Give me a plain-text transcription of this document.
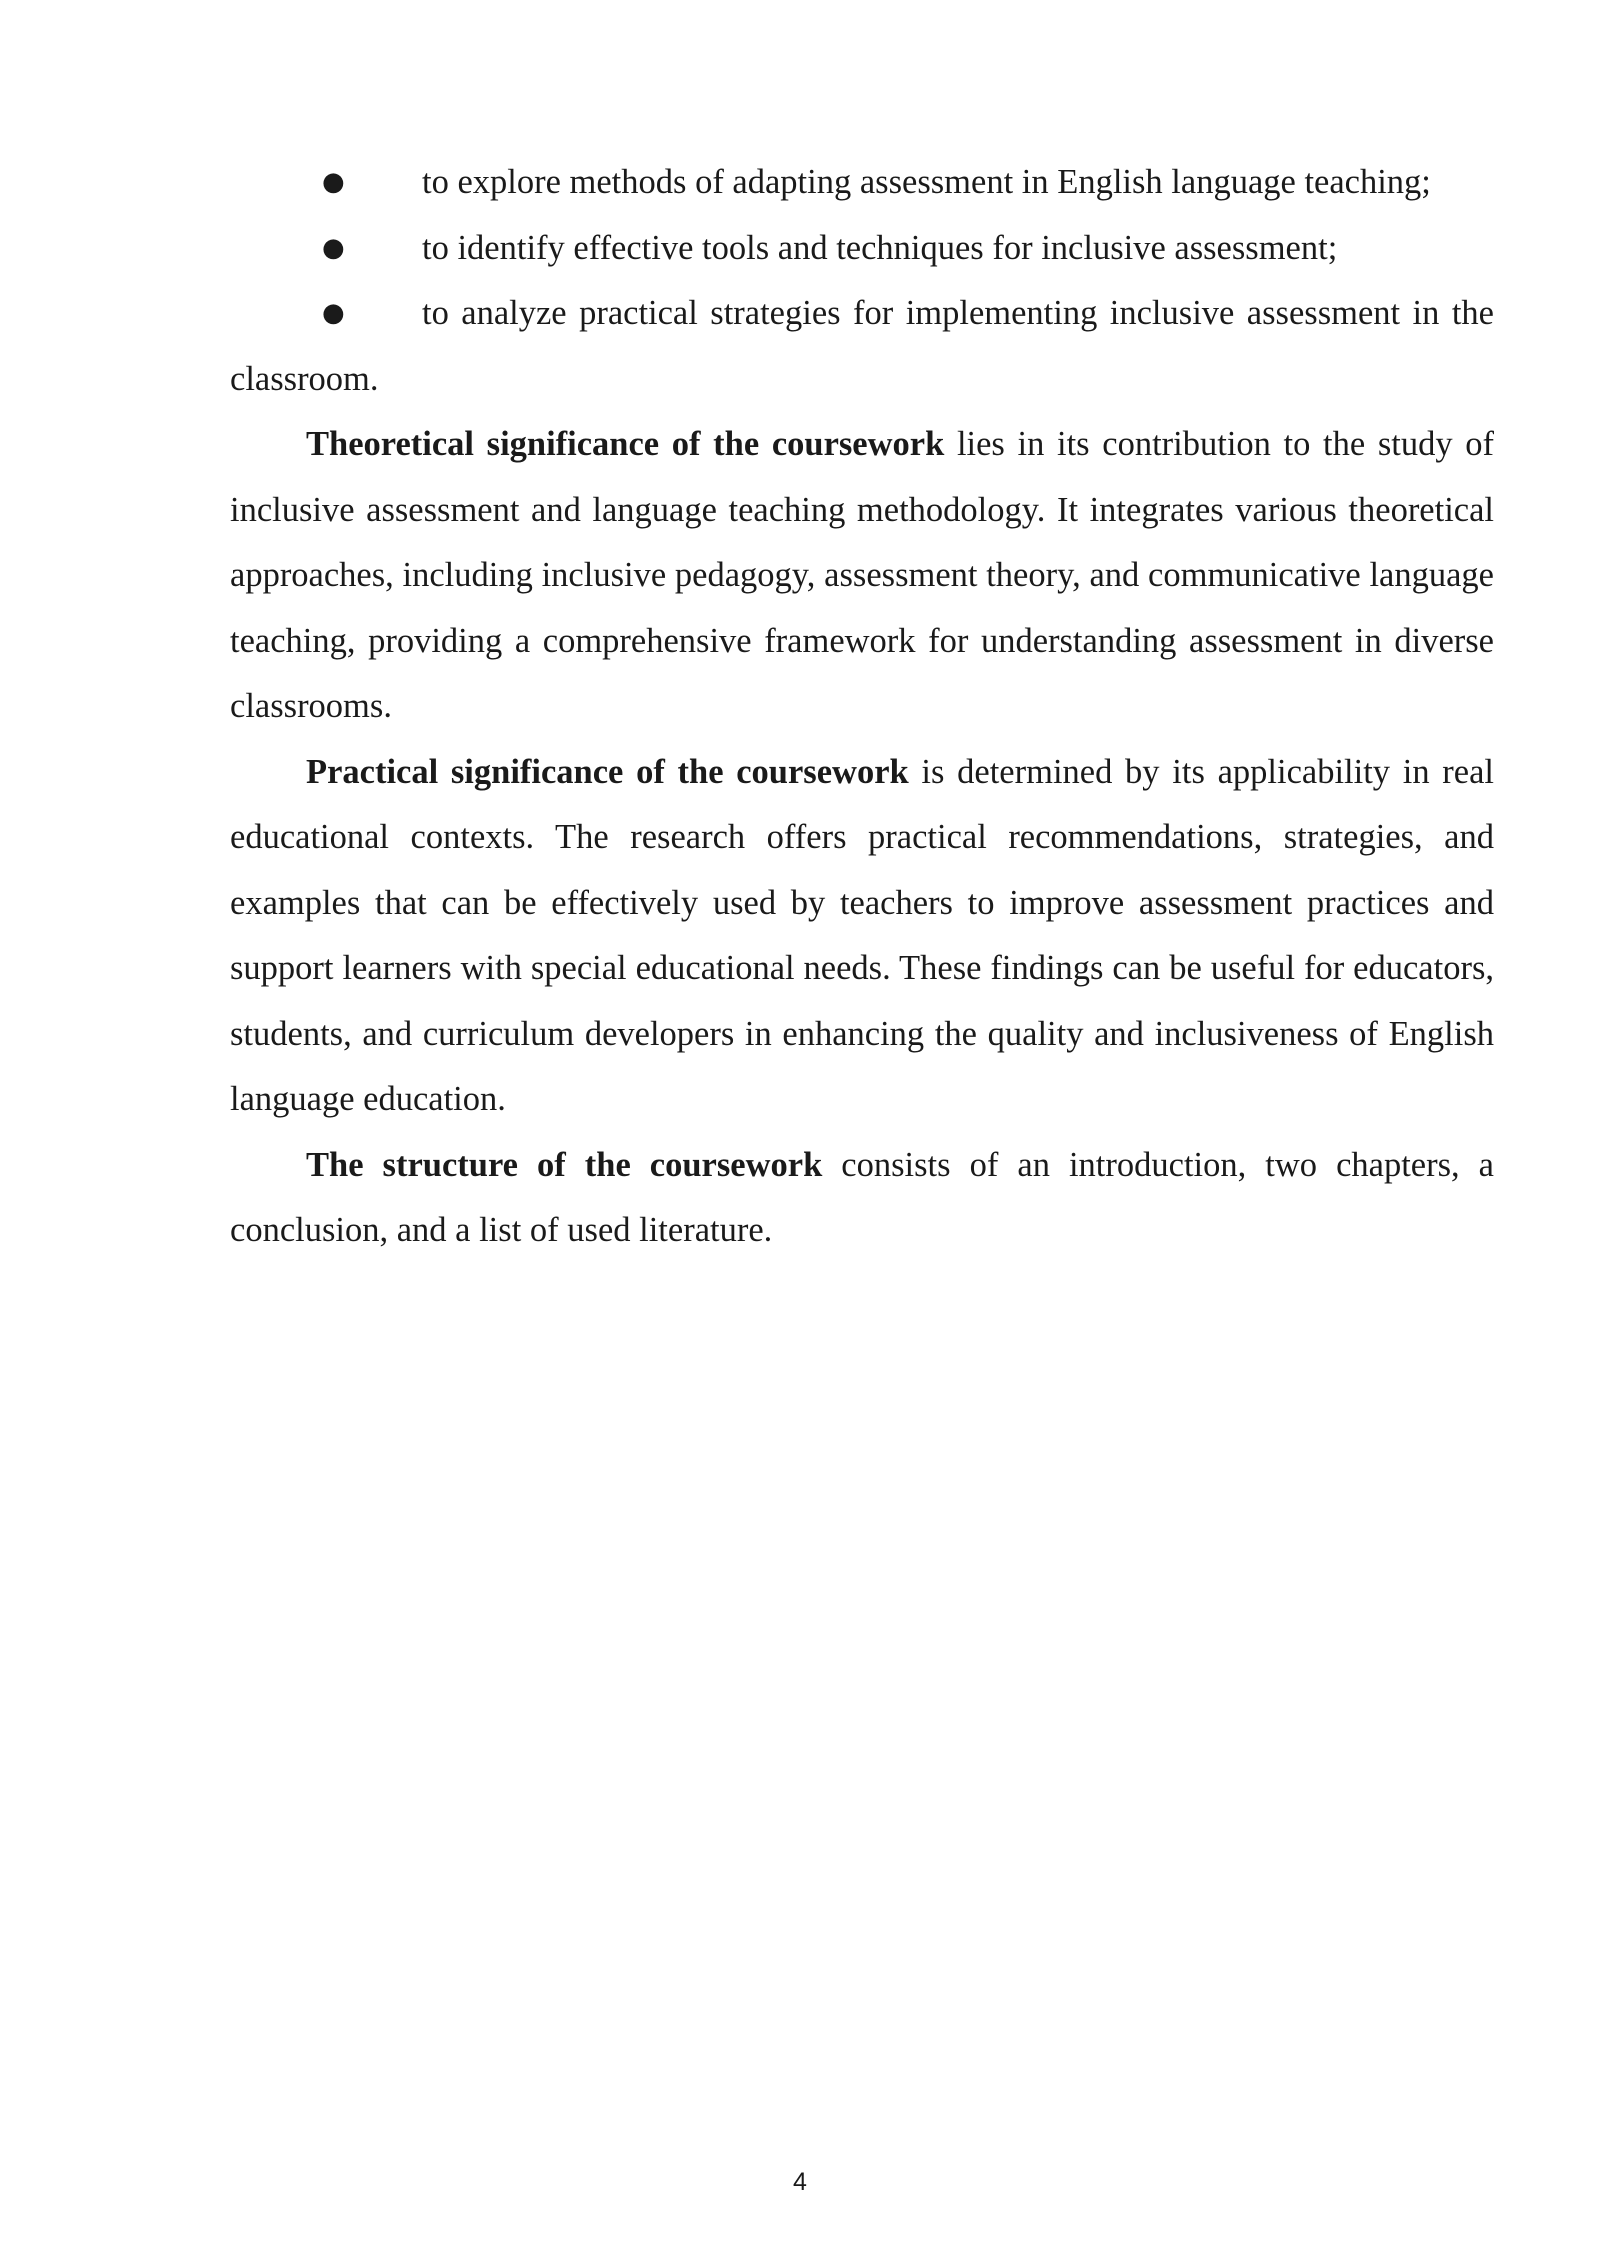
● to explore methods of adapting assessment in English language teaching;

● to identify effective tools and techniques for inclusive assessment;

● to analyze practical strategies for implementing inclusive assessment in the classroom.

Theoretical significance of the coursework lies in its contribution to the study of inclusive assessment and language teaching methodology. It integrates various theoretical approaches, including inclusive pedagogy, assessment theory, and communicative language teaching, providing a comprehensive framework for understanding assessment in diverse classrooms.

Practical significance of the coursework is determined by its applicability in real educational contexts. The research offers practical recommendations, strategies, and examples that can be effectively used by teachers to improve assessment practices and support learners with special educational needs. These findings can be useful for educators, students, and curriculum developers in enhancing the quality and inclusiveness of English language education.

The structure of the coursework consists of an introduction, two chapters, a conclusion, and a list of used literature.

4
